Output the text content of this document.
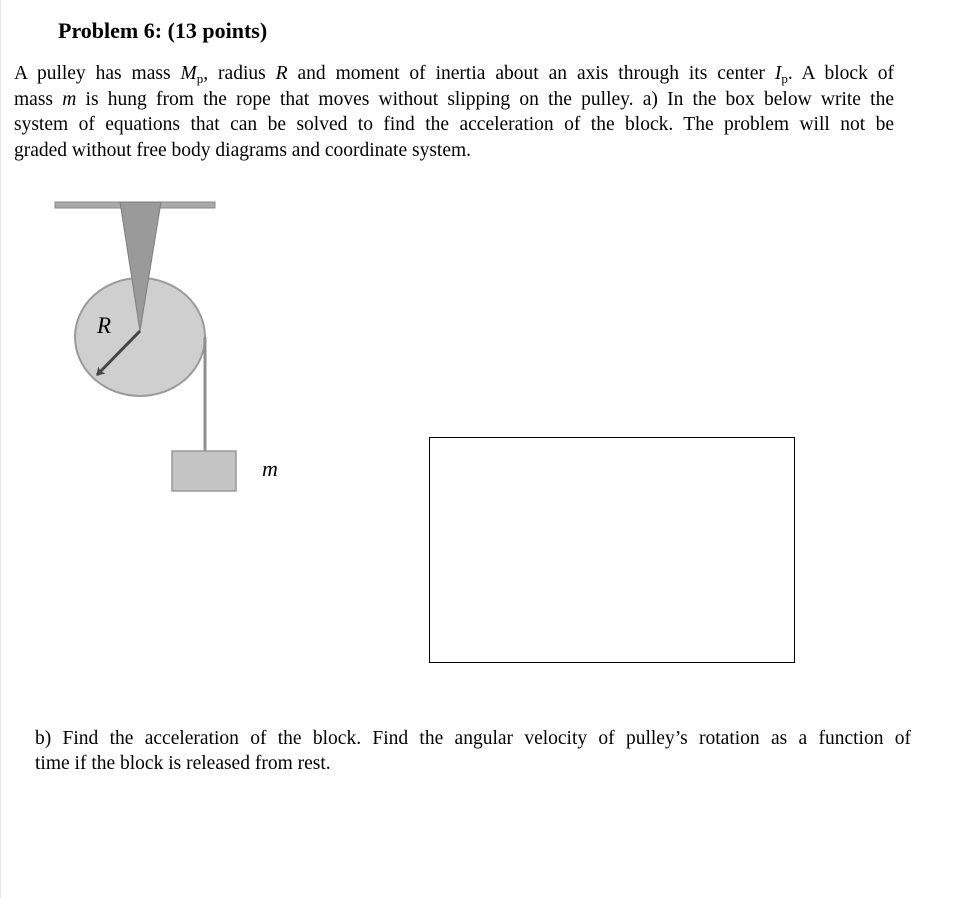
Problem 6: (13 points)
A pulley has mass $M_p$, radius R and moment of inertia about an axis through its center $I_p$. A block of
mass m is hung from the rope that moves without slipping on the pulley. a) In the box below write the
system of equations that can be solved to find the acceleration of the block. The problem will not be
graded without free body diagrams and coordinate system.
R
m
b) Find the acceleration of the block. Find the angular velocity of pulley’s rotation as a function of
time if the block is released from rest.
